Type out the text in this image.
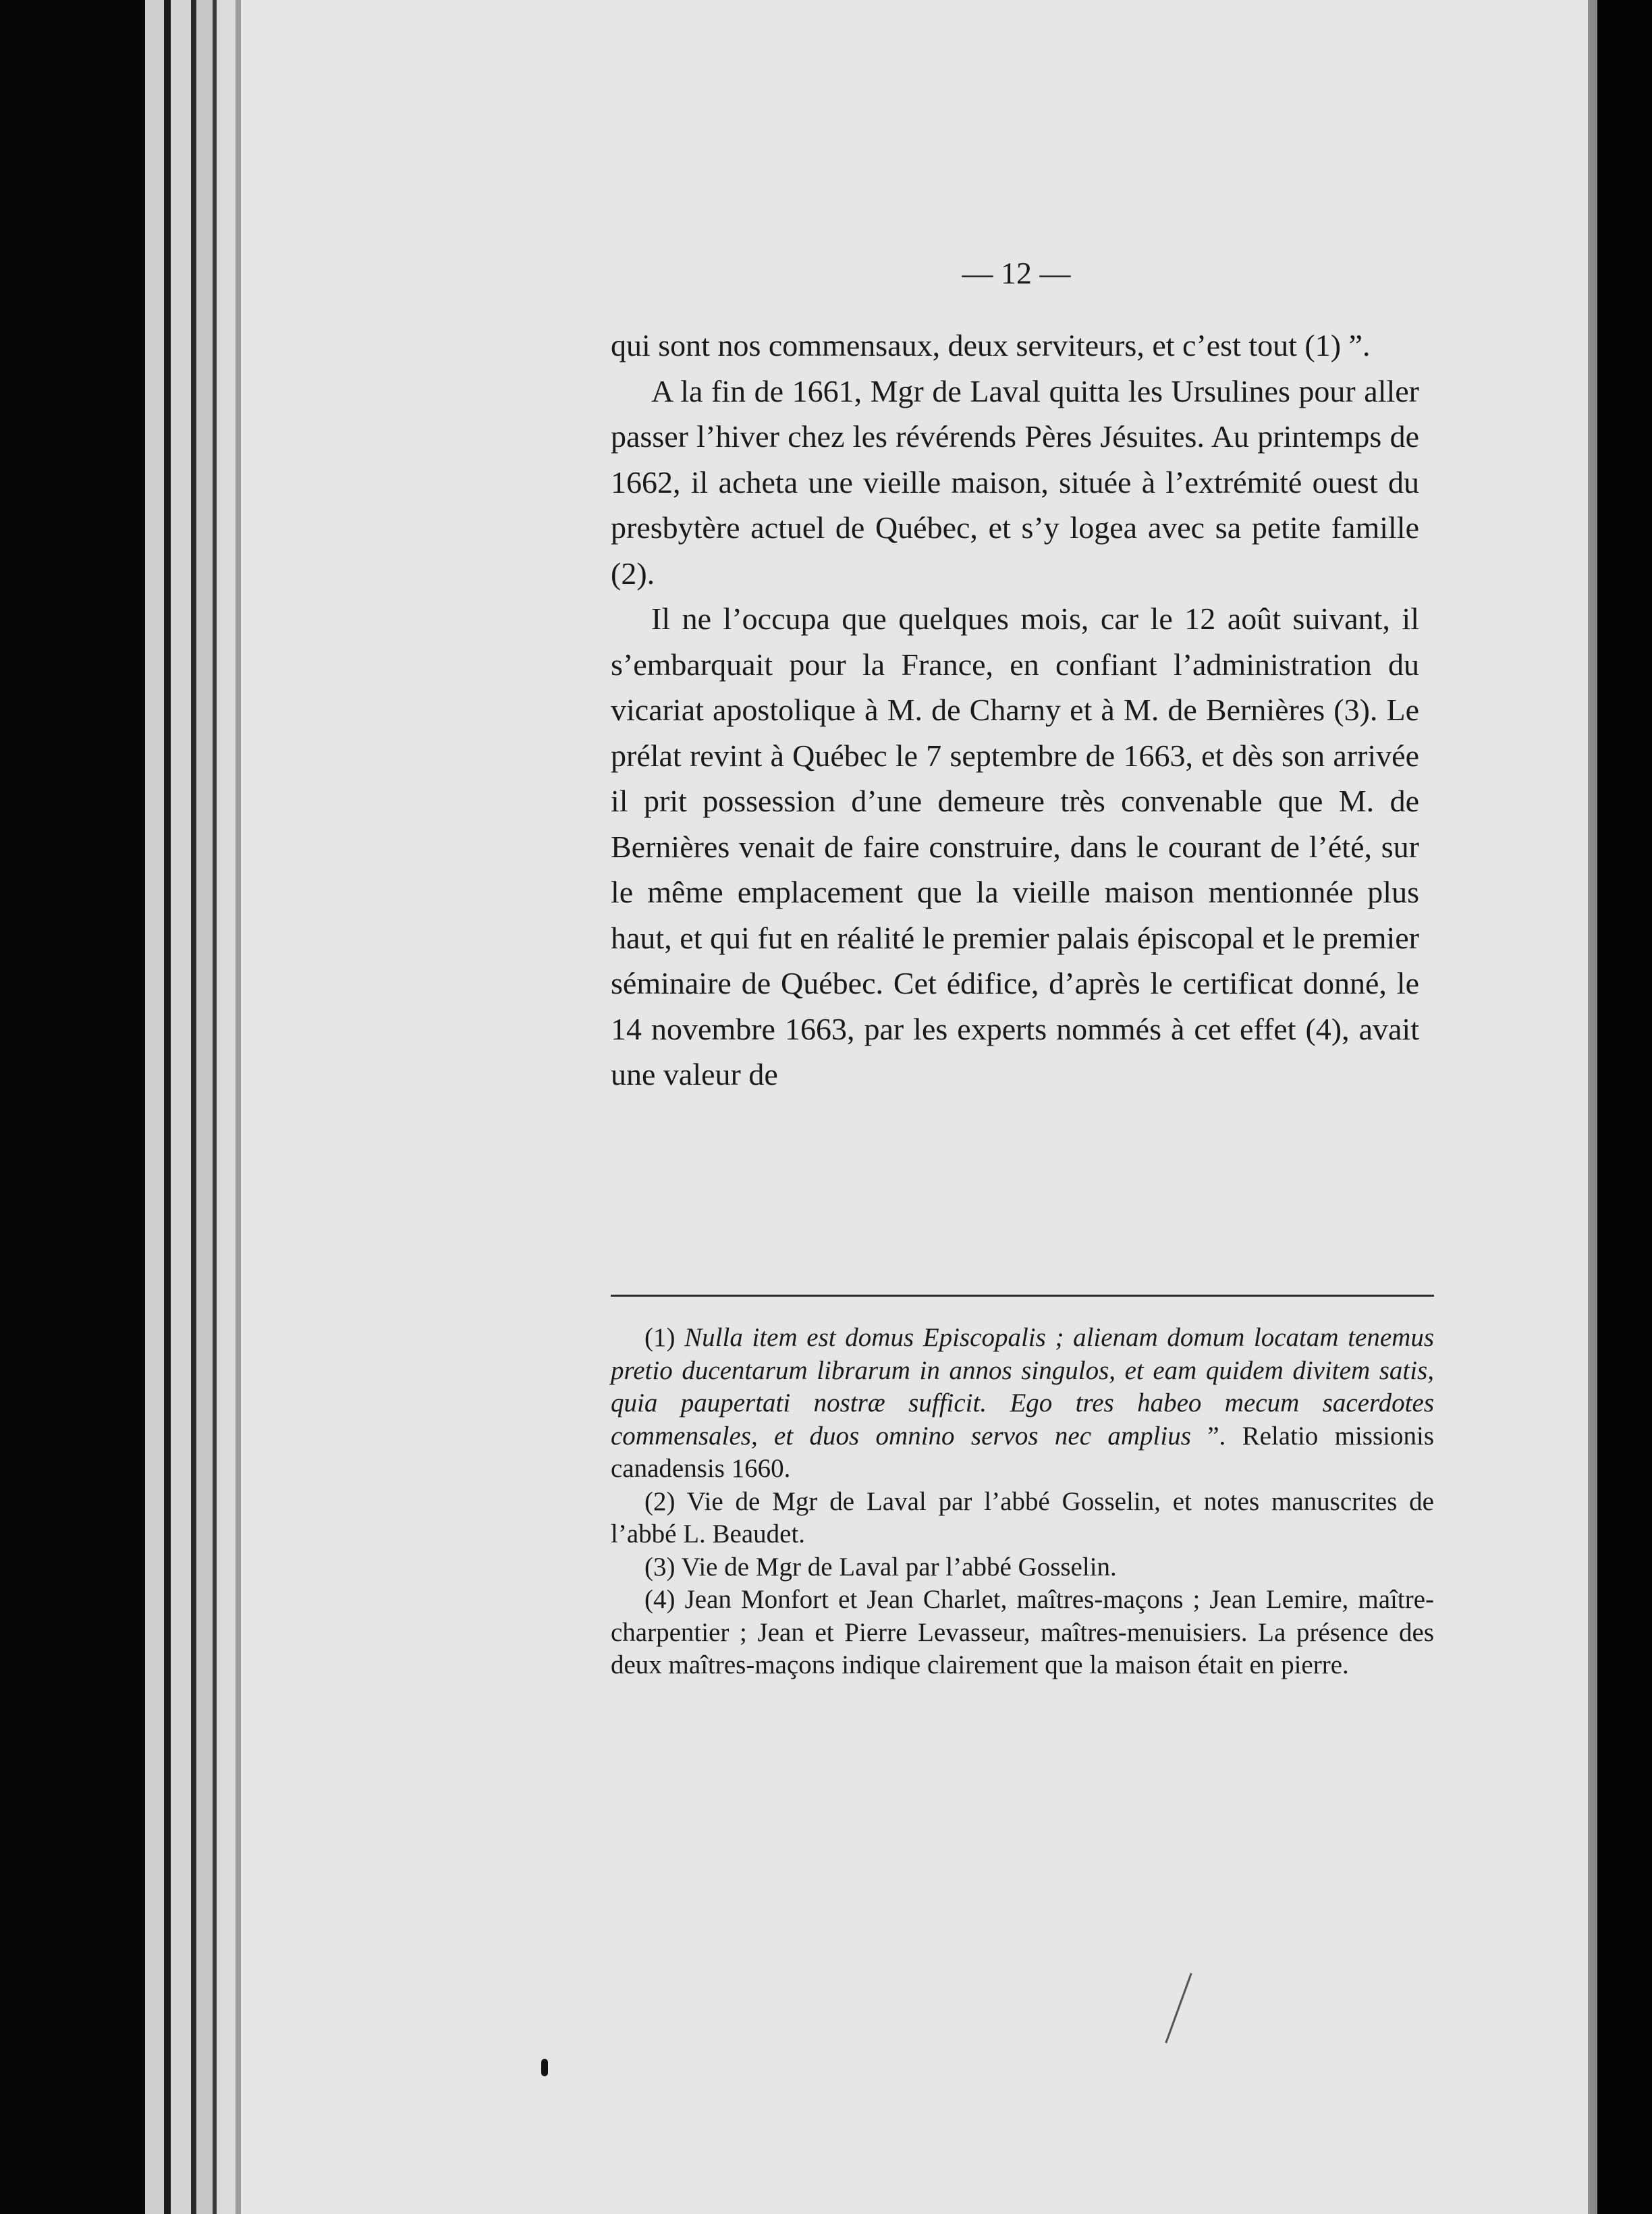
— 12 —

qui sont nos commensaux, deux serviteurs, et c’est tout (1) ”.

A la fin de 1661, Mgr de Laval quitta les Ursulines pour aller passer l’hiver chez les révérends Pères Jésuites. Au printemps de 1662, il acheta une vieille maison, située à l’extrémité ouest du presbytère actuel de Québec, et s’y logea avec sa petite famille (2).

Il ne l’occupa que quelques mois, car le 12 août suivant, il s’embarquait pour la France, en confiant l’administration du vicariat apostolique à M. de Charny et à M. de Bernières (3). Le prélat revint à Québec le 7 septembre de 1663, et dès son arrivée il prit possession d’une demeure très convenable que M. de Bernières venait de faire construire, dans le courant de l’été, sur le même emplacement que la vieille maison mentionnée plus haut, et qui fut en réalité le premier palais épiscopal et le premier séminaire de Québec. Cet édifice, d’après le certificat donné, le 14 novembre 1663, par les experts nommés à cet effet (4), avait une valeur de

(1) Nulla item est domus Episcopalis ; alienam domum locatam tenemus pretio ducentarum librarum in annos singulos, et eam quidem divitem satis, quia paupertati nostræ sufficit. Ego tres habeo mecum sacerdotes commensales, et duos omnino servos nec amplius ”. Relatio missionis canadensis 1660.

(2) Vie de Mgr de Laval par l’abbé Gosselin, et notes manuscrites de l’abbé L. Beaudet.

(3) Vie de Mgr de Laval par l’abbé Gosselin.

(4) Jean Monfort et Jean Charlet, maîtres-maçons ; Jean Lemire, maître-charpentier ; Jean et Pierre Levasseur, maîtres-menuisiers. La présence des deux maîtres-maçons indique clairement que la maison était en pierre.
